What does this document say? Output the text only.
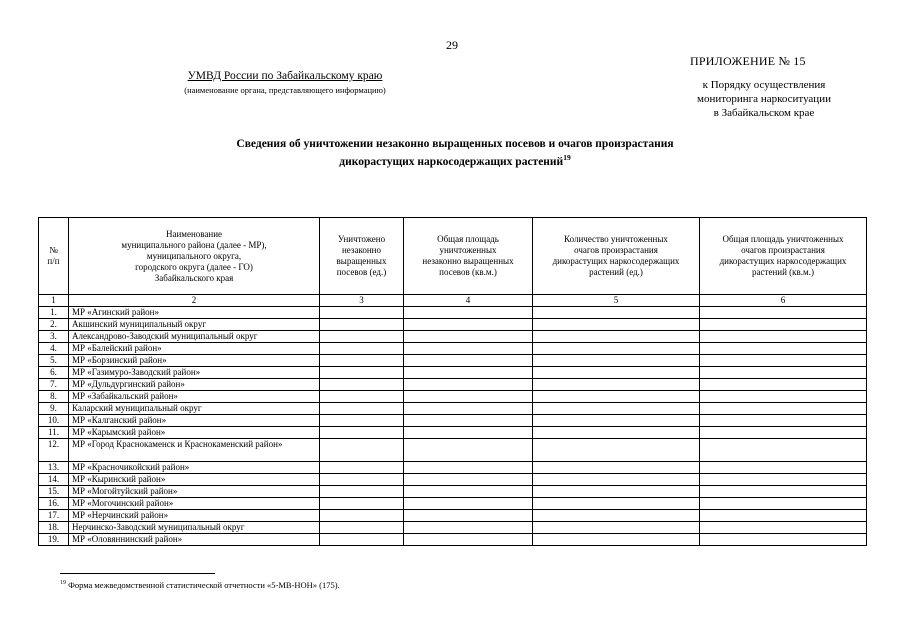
29
ПРИЛОЖЕНИЕ № 15
к Порядку осуществления
мониторинга наркоситуации
в Забайкальском крае
УМВД России по Забайкальскому краю
(наименование органа, представляющего информацию)
Сведения об уничтожении незаконно выращенных посевов и очагов произрастания
дикорастущих наркосодержащих растений$^{19}$
№
п/п	Наименование
муниципального района (далее - МР),
муниципального округа,
городского округа (далее - ГО)
Забайкальского края	Уничтожено
незаконно
выращенных
посевов (ед.)	Общая площадь
уничтоженных
незаконно выращенных
посевов (кв.м.)	Количество уничтоженных
очагов произрастания
дикорастущих наркосодержащих
растений (ед.)	Общая площадь уничтоженных
очагов произрастания
дикорастущих наркосодержащих
растений (кв.м.)
1	2	3	4	5	6
1.	МР «Агинский район»				
2.	Акшинский муниципальный округ				
3.	Александрово-Заводский муниципальный округ				
4.	МР «Балейский район»				
5.	МР «Борзинский район»				
6.	МР «Газимуро-Заводский район»				
7.	МР «Дульдургинский район»				
8.	МР «Забайкальский район»				
9.	Каларский муниципальный округ				
10.	МР «Калганский район»				
11.	МР «Карымский район»				
12.	МР «Город Краснокаменск и Краснокаменский район»				
13.	МР «Красночикойский район»				
14.	МР «Кыринский район»				
15.	МР «Могойтуйский район»				
16.	МР «Могочинский район»				
17.	МР «Нерчинский район»				
18.	Нерчинско-Заводский муниципальный округ				
19.	МР «Оловяннинский район»				
$^{19}$ Форма межведомственной статистической отчетности «5-МВ-НОН» (175).
